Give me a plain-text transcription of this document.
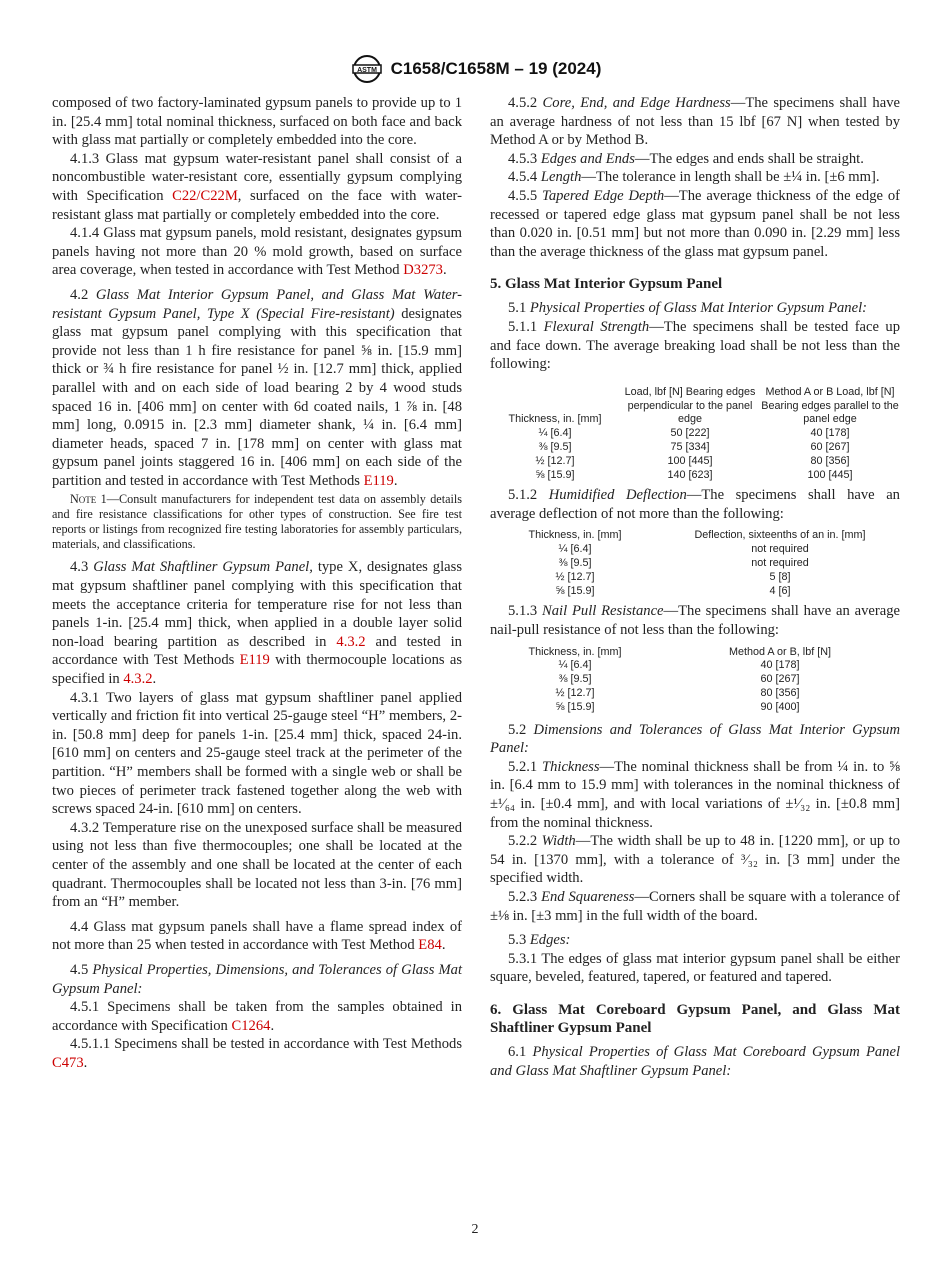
ASTM C1658/C1658M – 19 (2024)

composed of two factory-laminated gypsum panels to provide up to 1 in. [25.4 mm] total nominal thickness, surfaced on both face and back with glass mat partially or completely embedded into the core.

4.1.3 Glass mat gypsum water-resistant panel shall consist of a noncombustible water-resistant core, essentially gypsum complying with Specification C22/C22M, surfaced on the face with water-resistant glass mat partially or completely embedded into the core.

4.1.4 Glass mat gypsum panels, mold resistant, designates gypsum panels having not more than 20 % mold growth, based on surface area coverage, when tested in accordance with Test Method D3273.

4.2 Glass Mat Interior Gypsum Panel, and Glass Mat Water-resistant Gypsum Panel, Type X (Special Fire-resistant) designates glass mat gypsum panel complying with this specification that provide not less than 1 h fire resistance for panel ⅝ in. [15.9 mm] thick or ¾ h fire resistance for panel ½ in. [12.7 mm] thick, applied parallel with and on each side of load bearing 2 by 4 wood studs spaced 16 in. [406 mm] on center with 6d coated nails, 1 ⅞ in. [48 mm] long, 0.0915 in. [2.3 mm] diameter shank, ¼ in. [6.4 mm] diameter heads, spaced 7 in. [178 mm] on center with glass mat gypsum panel joints staggered 16 in. [406 mm] on each side of the partition and tested in accordance with Test Methods E119.

Note 1—Consult manufacturers for independent test data on assembly details and fire resistance classifications for other types of construction. See fire test reports or listings from recognized fire testing laboratories for assembly particulars, materials, and classifications.

4.3 Glass Mat Shaftliner Gypsum Panel, type X, designates glass mat gypsum shaftliner panel complying with this specification that meets the acceptance criteria for temperature rise for not less than panels 1-in. [25.4 mm] thick, when applied in a double layer solid non-load bearing partition as described in 4.3.2 and tested in accordance with Test Methods E119 with thermocouple locations as specified in 4.3.2.

4.3.1 Two layers of glass mat gypsum shaftliner panel applied vertically and friction fit into vertical 25-gauge steel “H” members, 2-in. [50.8 mm] deep for panels 1-in. [25.4 mm] thick, spaced 24-in. [610 mm] on centers and 25-gauge steel track at the perimeter of the partition. “H” members shall be formed with a single web or shall be two pieces of perimeter track fastened together along the web with screws spaced 24-in. [610 mm] on centers.

4.3.2 Temperature rise on the unexposed surface shall be measured using not less than five thermocouples; one shall be located at the center of the assembly and one shall be located at the center of each quadrant. Thermocouples shall be located not less than 3-in. [76 mm] from an “H” member.

4.4 Glass mat gypsum panels shall have a flame spread index of not more than 25 when tested in accordance with Test Method E84.

4.5 Physical Properties, Dimensions, and Tolerances of Glass Mat Gypsum Panel:

4.5.1 Specimens shall be taken from the samples obtained in accordance with Specification C1264.

4.5.1.1 Specimens shall be tested in accordance with Test Methods C473.

4.5.2 Core, End, and Edge Hardness—The specimens shall have an average hardness of not less than 15 lbf [67 N] when tested by Method A or by Method B.

4.5.3 Edges and Ends—The edges and ends shall be straight.

4.5.4 Length—The tolerance in length shall be ±¼ in. [±6 mm].

4.5.5 Tapered Edge Depth—The average thickness of the edge of recessed or tapered edge glass mat gypsum panel shall be not less than 0.020 in. [0.51 mm] but not more than 0.090 in. [2.29 mm] less than the average thickness of the glass mat gypsum panel.

5. Glass Mat Interior Gypsum Panel

5.1 Physical Properties of Glass Mat Interior Gypsum Panel:

5.1.1 Flexural Strength—The specimens shall be tested face up and face down. The average breaking load shall be not less than the following:

Thickness, in. [mm]	Load, lbf [N] Bearing edges perpendicular to the panel edge	Method A or B Load, lbf [N] Bearing edges parallel to the panel edge
¼ [6.4]	50 [222]	40 [178]
⅜ [9.5]	75 [334]	60 [267]
½ [12.7]	100 [445]	80 [356]
⅝ [15.9]	140 [623]	100 [445]

5.1.2 Humidified Deflection—The specimens shall have an average deflection of not more than the following:

Thickness, in. [mm]	Deflection, sixteenths of an in. [mm]
¼ [6.4]	not required
⅜ [9.5]	not required
½ [12.7]	5 [8]
⅝ [15.9]	4 [6]

5.1.3 Nail Pull Resistance—The specimens shall have an average nail-pull resistance of not less than the following:

Thickness, in. [mm]	Method A or B, lbf [N]
¼ [6.4]	40 [178]
⅜ [9.5]	60 [267]
½ [12.7]	80 [356]
⅝ [15.9]	90 [400]

5.2 Dimensions and Tolerances of Glass Mat Interior Gypsum Panel:

5.2.1 Thickness—The nominal thickness shall be from ¼ in. to ⅝ in. [6.4 mm to 15.9 mm] with tolerances in the nominal thickness of ±¹⁄₆₄ in. [±0.4 mm], and with local variations of ±¹⁄₃₂ in. [±0.8 mm] from the nominal thickness.

5.2.2 Width—The width shall be up to 48 in. [1220 mm], or up to 54 in. [1370 mm], with a tolerance of ³⁄₃₂ in. [3 mm] under the specified width.

5.2.3 End Squareness—Corners shall be square with a tolerance of ±⅛ in. [±3 mm] in the full width of the board.

5.3 Edges:

5.3.1 The edges of glass mat interior gypsum panel shall be either square, beveled, featured, tapered, or featured and tapered.

6. Glass Mat Coreboard Gypsum Panel, and Glass Mat Shaftliner Gypsum Panel

6.1 Physical Properties of Glass Mat Coreboard Gypsum Panel and Glass Mat Shaftliner Gypsum Panel:

2
